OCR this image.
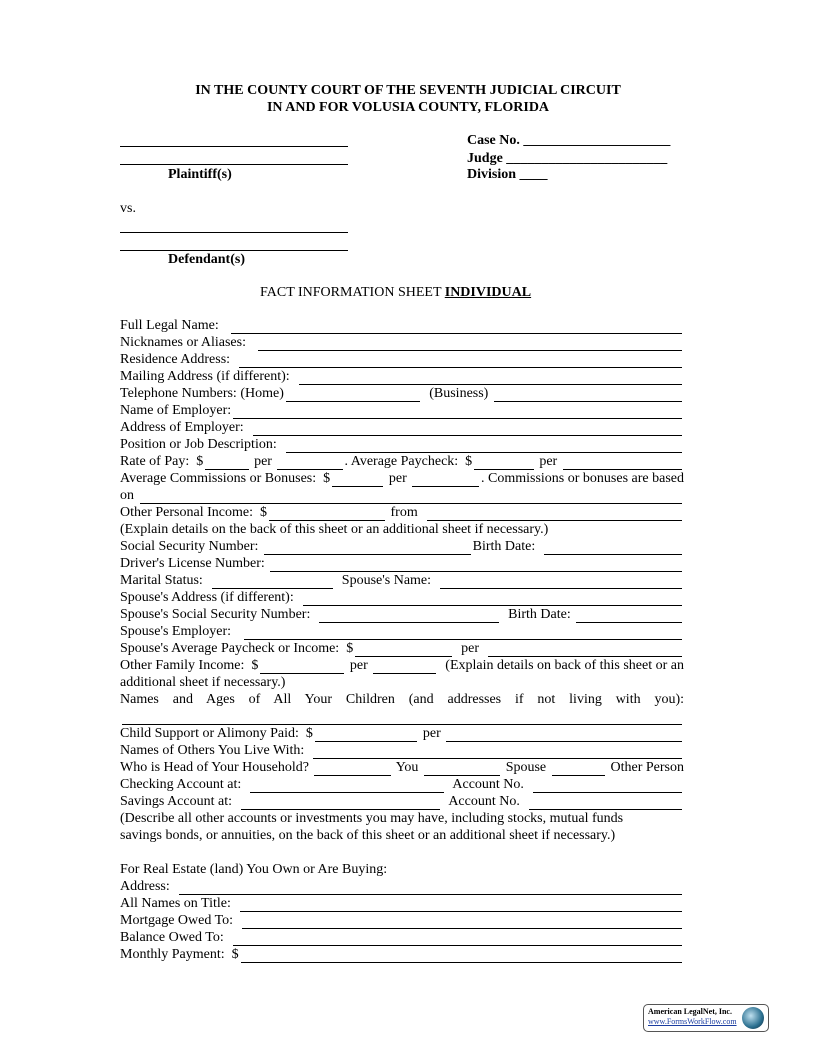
IN THE COUNTY COURT OF THE SEVENTH JUDICIAL CIRCUIT
IN AND FOR VOLUSIA COUNTY, FLORIDA
Plaintiff(s)
Case No. _____________________
Judge _______________________
Division ____
vs.
Defendant(s)
FACT INFORMATION SHEET INDIVIDUAL
Full Legal Name:
Nicknames or Aliases:
Residence Address:
Mailing Address (if different):
Telephone Numbers: (Home)	(Business)
Name of Employer:
Address of Employer:
Position or Job Description:
Rate of Pay:  $	per	. Average Paycheck:  $	per
Average Commissions or Bonuses:  $	per	. Commissions or bonuses are based
on
Other Personal Income:  $	from
(Explain details on the back of this sheet or an additional sheet if necessary.)
Social Security Number:	Birth Date:
Driver's License Number:
Marital Status:	Spouse's Name:
Spouse's Address (if different):
Spouse's Social Security Number:	Birth Date:
Spouse's Employer:
Spouse's Average Paycheck or Income:  $	per
Other Family Income:  $	per	(Explain details on back of this sheet or an
additional sheet if necessary.)
Names and Ages of All Your Children (and addresses if not living with you):
Child Support or Alimony Paid:  $	per
Names of Others You Live With:
Who is Head of Your Household?	You	Spouse	Other Person
Checking Account at:	Account No.
Savings Account at:	Account No.
(Describe all other accounts or investments you may have, including stocks, mutual funds
savings bonds, or annuities, on the back of this sheet or an additional sheet if necessary.)
For Real Estate (land) You Own or Are Buying:
Address:
All Names on Title:
Mortgage Owed To:
Balance Owed To:
Monthly Payment:  $
American LegalNet, Inc.
www.FormsWorkFlow.com
